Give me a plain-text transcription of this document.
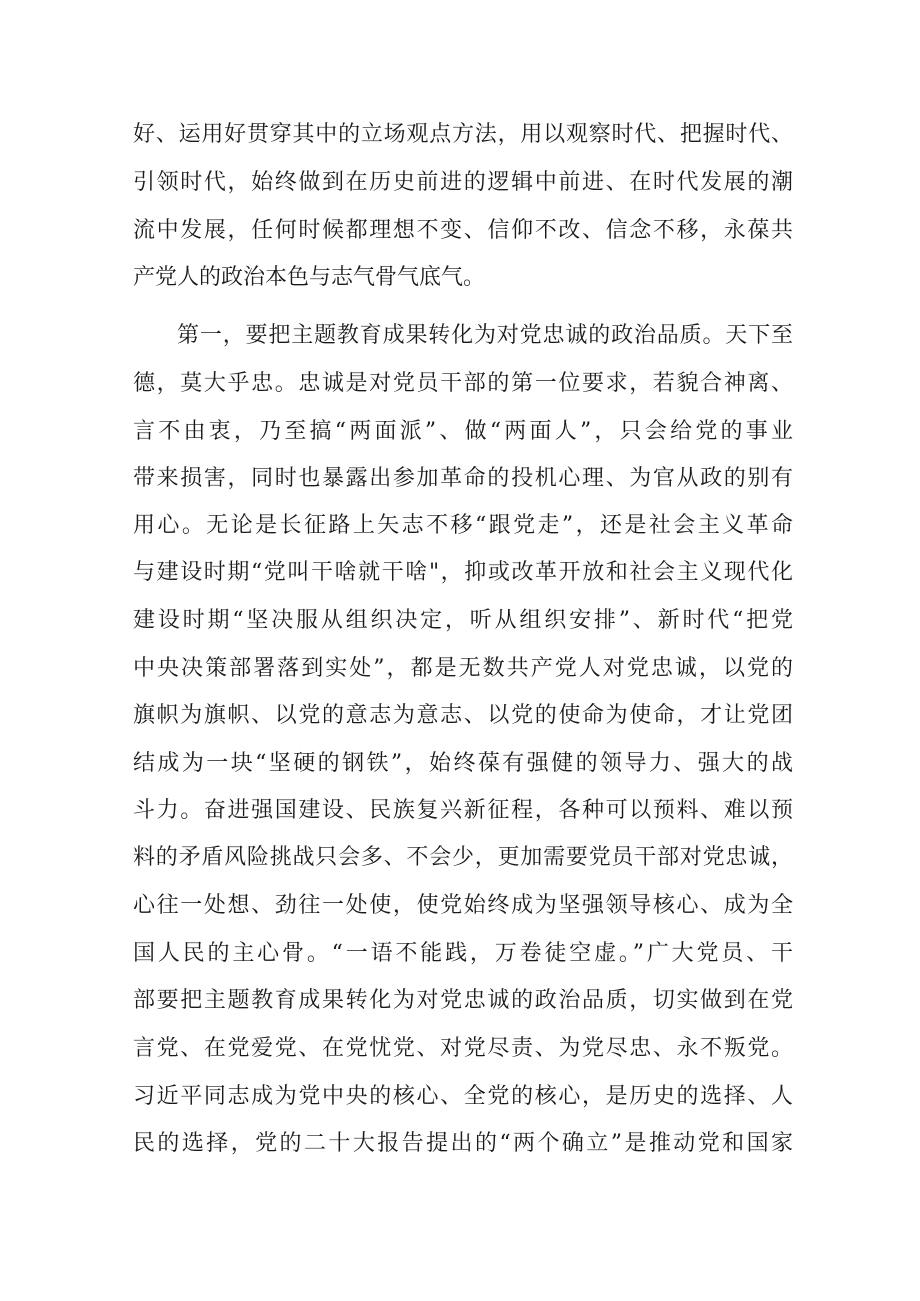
好、运用好贯穿其中的立场观点方法，用以观察时代、把握时代、
引领时代，始终做到在历史前进的逻辑中前进、在时代发展的潮
流中发展，任何时候都理想不变、信仰不改、信念不移，永葆共
产党人的政治本色与志气骨气底气。
第一，要把主题教育成果转化为对党忠诚的政治品质。天下至
德，莫大乎忠。忠诚是对党员干部的第一位要求，若貌合神离、
言不由衷，乃至搞“两面派”、做“两面人”，只会给党的事业
带来损害，同时也暴露出参加革命的投机心理、为官从政的别有
用心。无论是长征路上矢志不移“跟党走”，还是社会主义革命
与建设时期“党叫干啥就干啥"，抑或改革开放和社会主义现代化
建设时期“坚决服从组织决定，听从组织安排”、新时代“把党
中央决策部署落到实处”，都是无数共产党人对党忠诚，以党的
旗帜为旗帜、以党的意志为意志、以党的使命为使命，才让党团
结成为一块“坚硬的钢铁”，始终葆有强健的领导力、强大的战
斗力。奋进强国建设、民族复兴新征程，各种可以预料、难以预
料的矛盾风险挑战只会多、不会少，更加需要党员干部对党忠诚，
心往一处想、劲往一处使，使党始终成为坚强领导核心、成为全
国人民的主心骨。“一语不能践，万卷徒空虚。”广大党员、干
部要把主题教育成果转化为对党忠诚的政治品质，切实做到在党
言党、在党爱党、在党忧党、对党尽责、为党尽忠、永不叛党。
习近平同志成为党中央的核心、全党的核心，是历史的选择、人
民的选择，党的二十大报告提出的“两个确立”是推动党和国家
